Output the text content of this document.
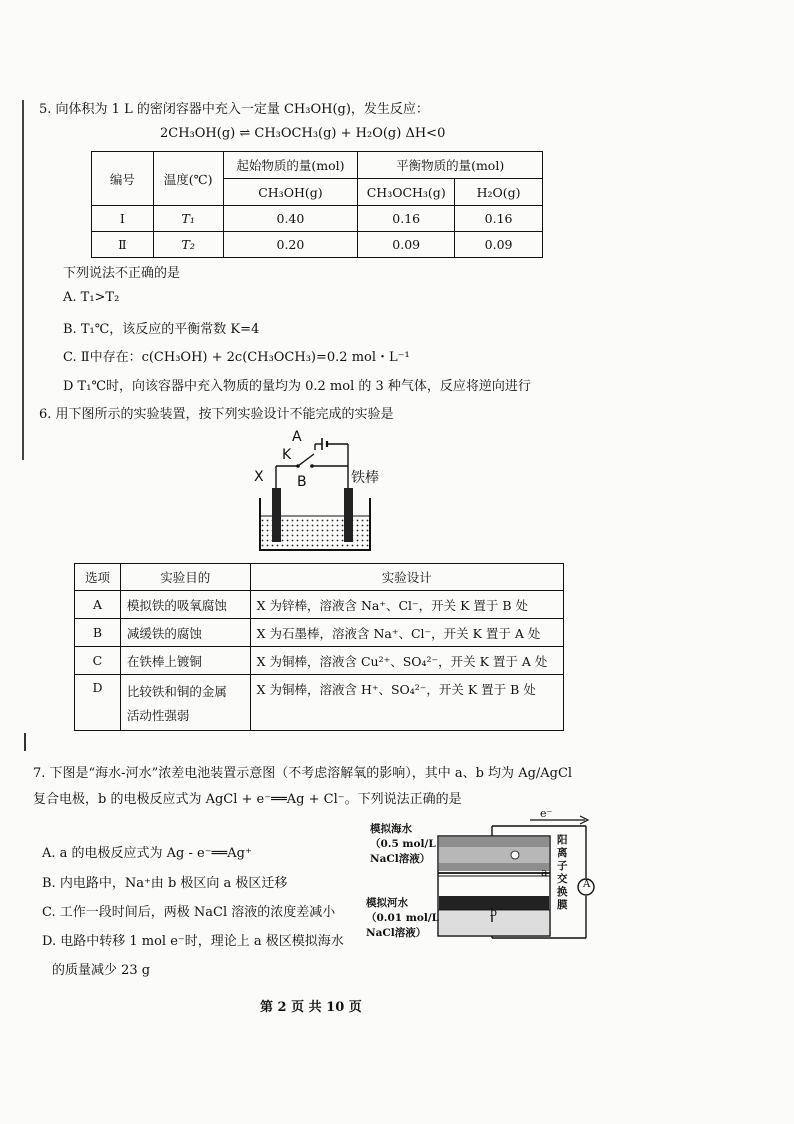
5. 向体积为 1 L 的密闭容器中充入一定量 CH₃OH(g)，发生反应：
2CH₃OH(g) ⇌ CH₃OCH₃(g) + H₂O(g) ΔH<0
编号	温度(℃)	起始物质的量(mol)	平衡物质的量(mol)	
		CH₃OH(g)	CH₃OCH₃(g)	H₂O(g)
Ⅰ	T₁	0.40	0.16	0.16
Ⅱ	T₂	0.20	0.09	0.09
下列说法不正确的是
A. T₁>T₂
B. T₁℃，该反应的平衡常数 K=4
C. Ⅱ中存在：c(CH₃OH) + 2c(CH₃OCH₃)=0.2 mol・L⁻¹
D T₁℃时，向该容器中充入物质的量均为 0.2 mol 的 3 种气体，反应将逆向进行
6. 用下图所示的实验装置，按下列实验设计不能完成的实验是
A
K
B
X	铁棒
选项	实验目的	实验设计
A	模拟铁的吸氧腐蚀	X 为锌棒，溶液含 Na⁺、Cl⁻，开关 K 置于 B 处
B	减缓铁的腐蚀	X 为石墨棒，溶液含 Na⁺、Cl⁻，开关 K 置于 A 处
C	在铁棒上镀铜	X 为铜棒，溶液含 Cu²⁺、SO₄²⁻，开关 K 置于 A 处
D	比较铁和铜的金属
活动性强弱	X 为铜棒，溶液含 H⁺、SO₄²⁻，开关 K 置于 B 处
7. 下图是“海水-河水”浓差电池装置示意图（不考虑溶解氧的影响），其中 a、b 均为 Ag/AgCl
复合电极，b 的电极反应式为 AgCl + e⁻══Ag + Cl⁻。下列说法正确的是
A. a 的电极反应式为 Ag - e⁻══Ag⁺
B. 内电路中，Na⁺由 b 极区向 a 极区迁移
C. 工作一段时间后，两极 NaCl 溶液的浓度差减小
D. 电路中转移 1 mol e⁻时，理论上 a 极区模拟海水
的质量减少 23 g
A
e⁻
a
b
模拟海水
（0.5 mol/L
NaCl溶液）
模拟河水
（0.01 mol/L
NaCl溶液）
阳离子交换膜
第 2 页 共 10 页
